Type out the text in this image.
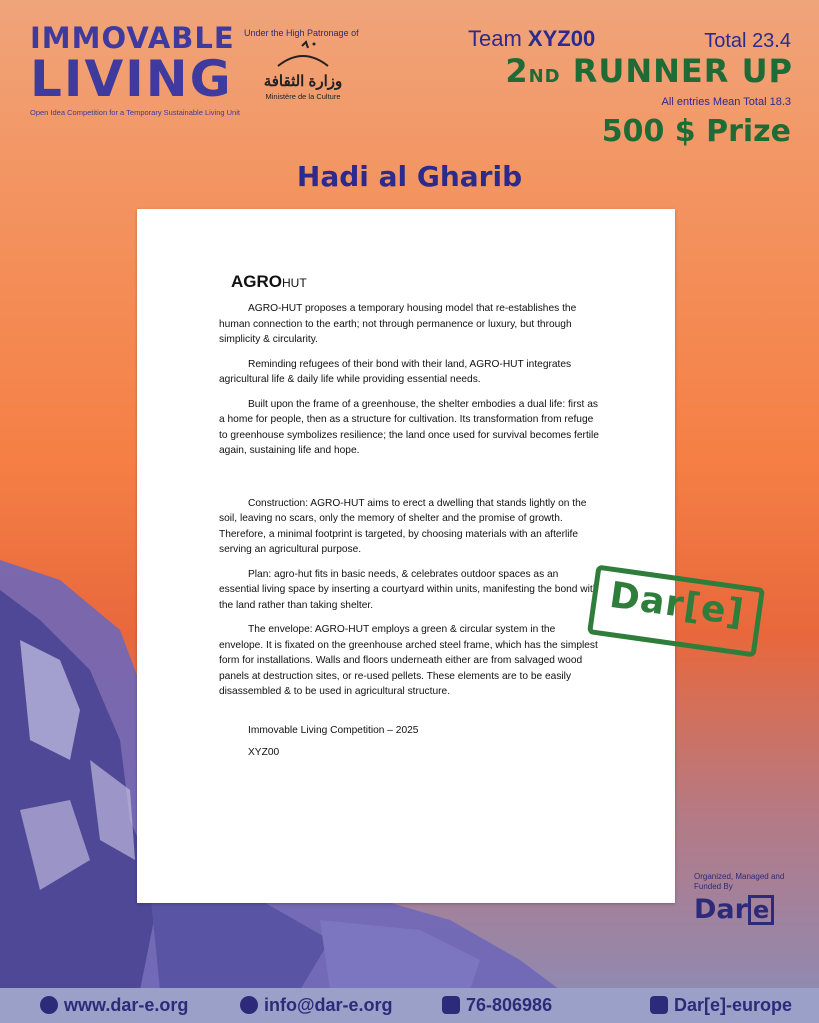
IMMOVABLE
LIVING
Open Idea Competition for a Temporary Sustainable Living Unit
Under the High Patronage of
وزارة الثقافة
Ministère de la Culture
Team XYZ00	Total 23.4
2ND RUNNER UP
All entries Mean Total 18.3
500 $ Prize
Hadi al Gharib
AGROHUT

AGRO-HUT proposes a temporary housing model that re-establishes the human connection to the earth; not through permanence or luxury, but through simplicity & circularity.

Reminding refugees of their bond with their land, AGRO-HUT integrates agricultural life & daily life while providing essential needs.

Built upon the frame of a greenhouse, the shelter embodies a dual life: first as a home for people, then as a structure for cultivation. Its transformation from refuge to greenhouse symbolizes resilience; the land once used for survival becomes fertile again, sustaining life and hope.

Construction: AGRO-HUT aims to erect a dwelling that stands lightly on the soil, leaving no scars, only the memory of shelter and the promise of growth. Therefore, a minimal footprint is targeted, by choosing materials with an afterlife serving an agricultural purpose.

Plan: agro-hut fits in basic needs, & celebrates outdoor spaces as an essential living space by inserting a courtyard within units, manifesting the bond with the land rather than taking shelter.

The envelope: AGRO-HUT employs a green & circular system in the envelope. It is fixated on the greenhouse arched steel frame, which has the simplest form for installations. Walls and floors underneath either are from salvaged wood panels at destruction sites, or re-used pellets. These elements are to be easily disassembled & to be used in agricultural structure.

Immovable Living Competition – 2025
XYZ00
Dar[e]
Organized, Managed and Funded By
Dar e
www.dar-e.org	info@dar-e.org	76-806986	Dar[e]-europe
